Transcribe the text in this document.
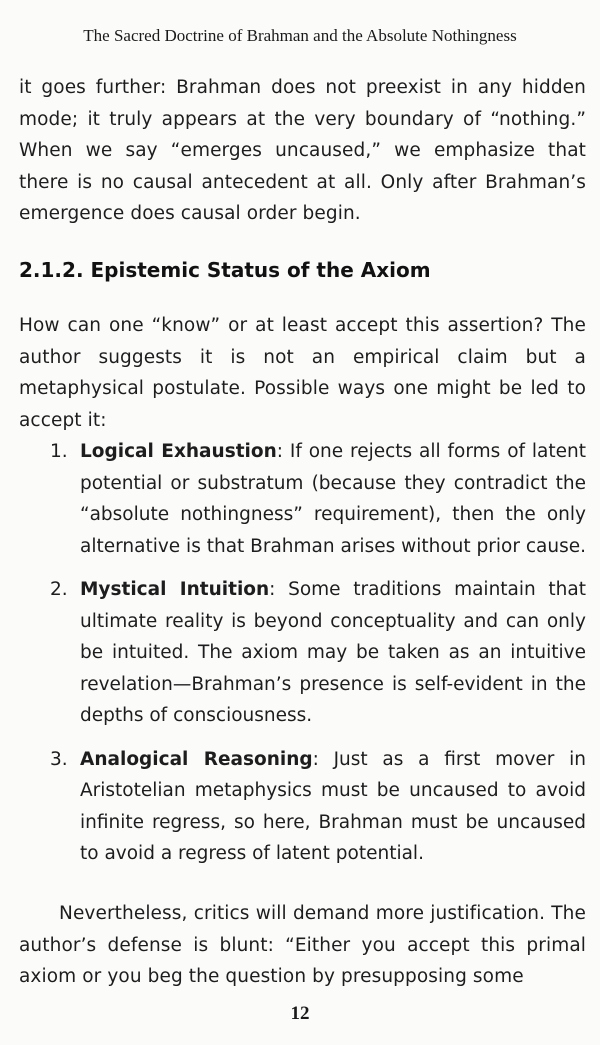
The Sacred Doctrine of Brahman and the Absolute Nothingness

it goes further: Brahman does not preexist in any hidden mode; it truly appears at the very boundary of “nothing.” When we say “emerges uncaused,” we emphasize that there is no causal antecedent at all. Only after Brahman’s emergence does causal order begin.

2.1.2. Epistemic Status of the Axiom

How can one “know” or at least accept this assertion? The author suggests it is not an empirical claim but a metaphysical postulate. Possible ways one might be led to accept it:

1. Logical Exhaustion: If one rejects all forms of latent potential or substratum (because they contradict the “absolute nothingness” requirement), then the only alternative is that Brahman arises without prior cause.
2. Mystical Intuition: Some traditions maintain that ultimate reality is beyond conceptuality and can only be intuited. The axiom may be taken as an intuitive revelation—Brahman’s presence is self-evident in the depths of consciousness.
3. Analogical Reasoning: Just as a first mover in Aristotelian metaphysics must be uncaused to avoid infinite regress, so here, Brahman must be uncaused to avoid a regress of latent potential.

Nevertheless, critics will demand more justification. The author’s defense is blunt: “Either you accept this primal axiom or you beg the question by presupposing some

12
